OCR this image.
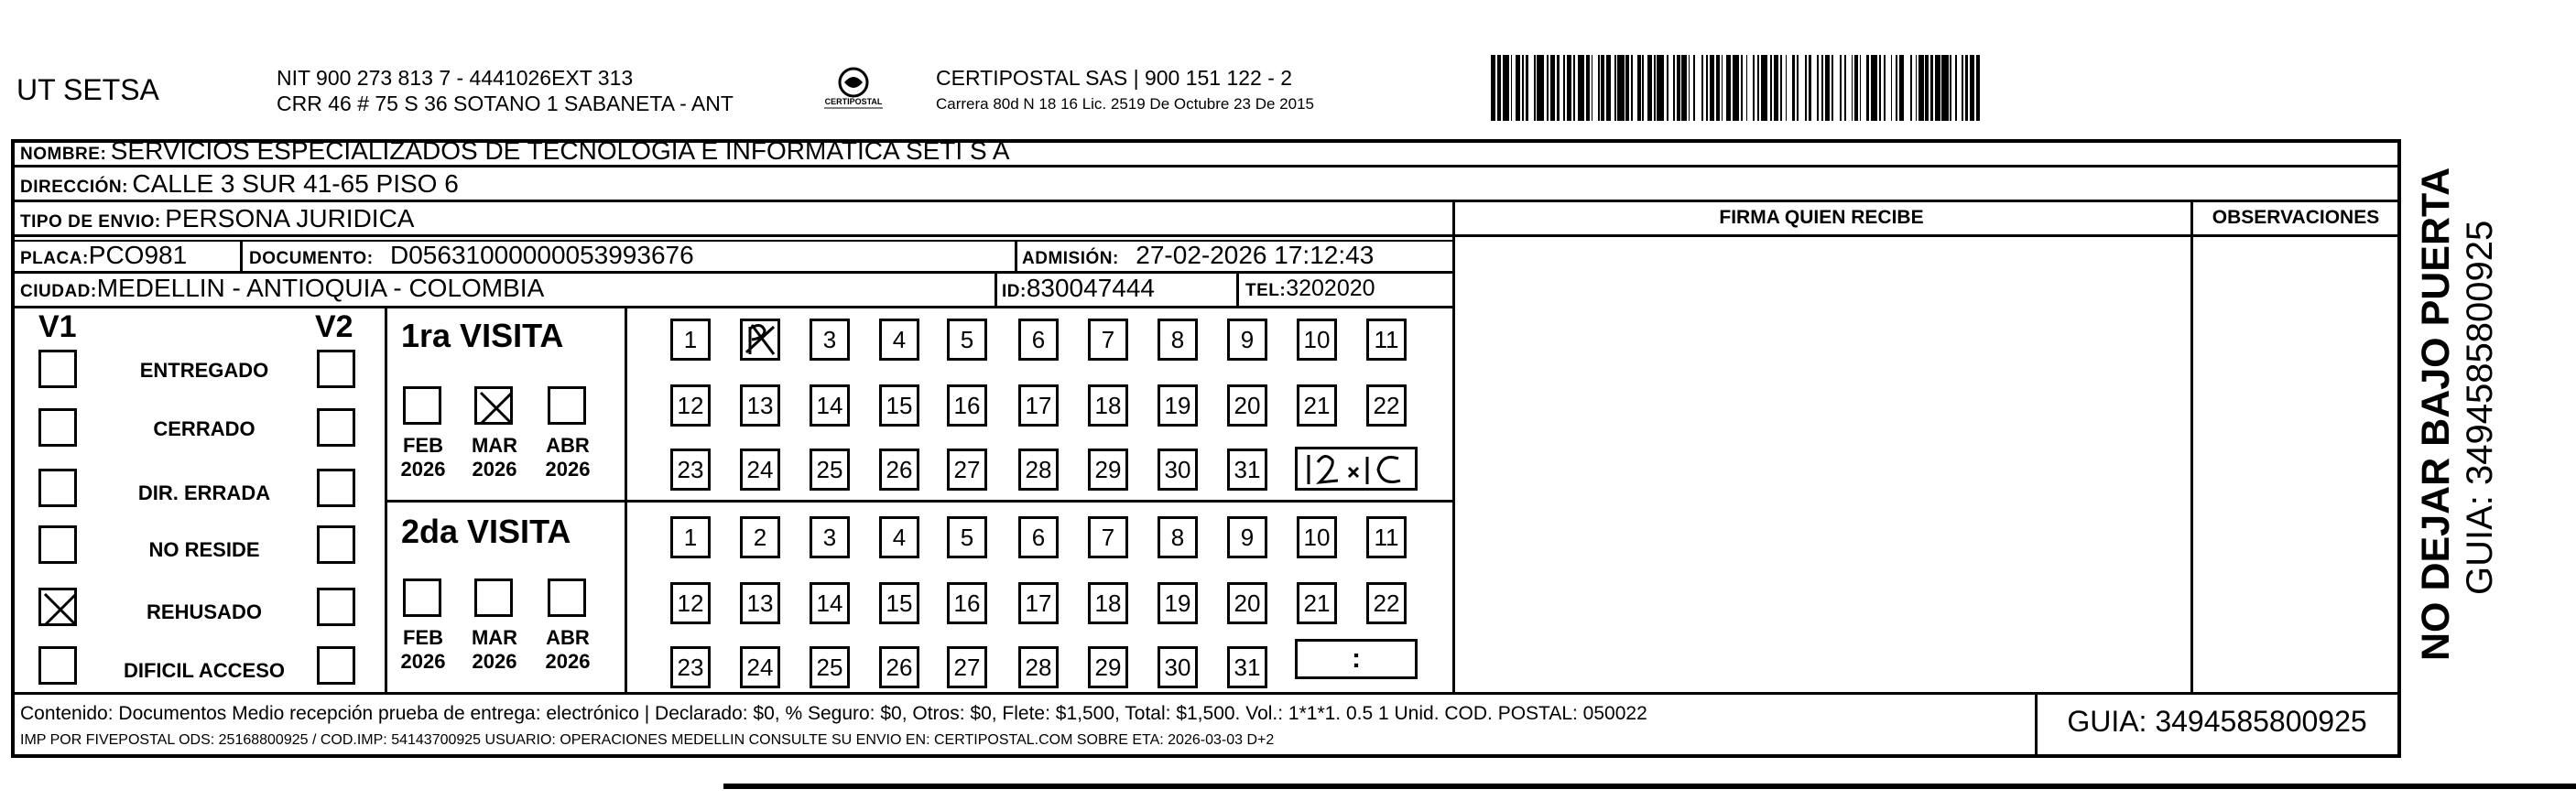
UT SETSA	NIT 900 273 813 7 - 4441026EXT 313
CRR 46 # 75 S 36 SOTANO 1 SABANETA - ANT	CERTIPOSTAL
CERTIPOSTAL SAS | 900 151 122 - 2
Carrera 80d N 18 16 Lic. 2519 De Octubre 23 De 2015
NOMBRE: SERVICIOS ESPECIALIZADOS DE TECNOLOGIA E INFORMATICA SETI S A
DIRECCIÓN: CALLE 3 SUR 41-65 PISO 6
TIPO DE ENVIO: PERSONA JURIDICA	FIRMA QUIEN RECIBE	OBSERVACIONES
PLACA:PCO981	DOCUMENTO: D05631000000053993676	ADMISIÓN: 27-02-2026 17:12:43
CIUDAD:MEDELLIN - ANTIOQUIA - COLOMBIA	ID:830047444	TEL:3202020
V1	V2 1ra VISITA
2da VISITA
:
Contenido: Documentos Medio recepción prueba de entrega: electrónico | Declarado: $0, % Seguro: $0, Otros: $0, Flete: $1,500, Total: $1,500. Vol.: 1*1*1. 0.5 1 Unid. COD. POSTAL: 050022
IMP POR FIVEPOSTAL ODS: 25168800925 / COD.IMP: 54143700925 USUARIO: OPERACIONES MEDELLIN CONSULTE SU ENVIO EN: CERTIPOSTAL.COM SOBRE ETA: 2026-03-03 D+2
GUIA: 3494585800925
NO DEJAR BAJO PUERTA GUIA: 3494585800925
ENTREGADO
CERRADO
DIR. ERRADA
NO RESIDE
REHUSADO
DIFICIL ACCESO
FEB
2026
MAR
2026
ABR
2026
FEB
2026
MAR
2026
ABR
2026
1	3	4	5	6	7	8	9	10	11
12 13 14 15 16 17 18 19 20 21 22
23 24 25 26 27 28 29 30 31
1	2	3	4	5	6	7	8	9	10	11
12 13 14 15 16 17 18 19 20 21 22
23 24 25 26 27 28 29 30 31
